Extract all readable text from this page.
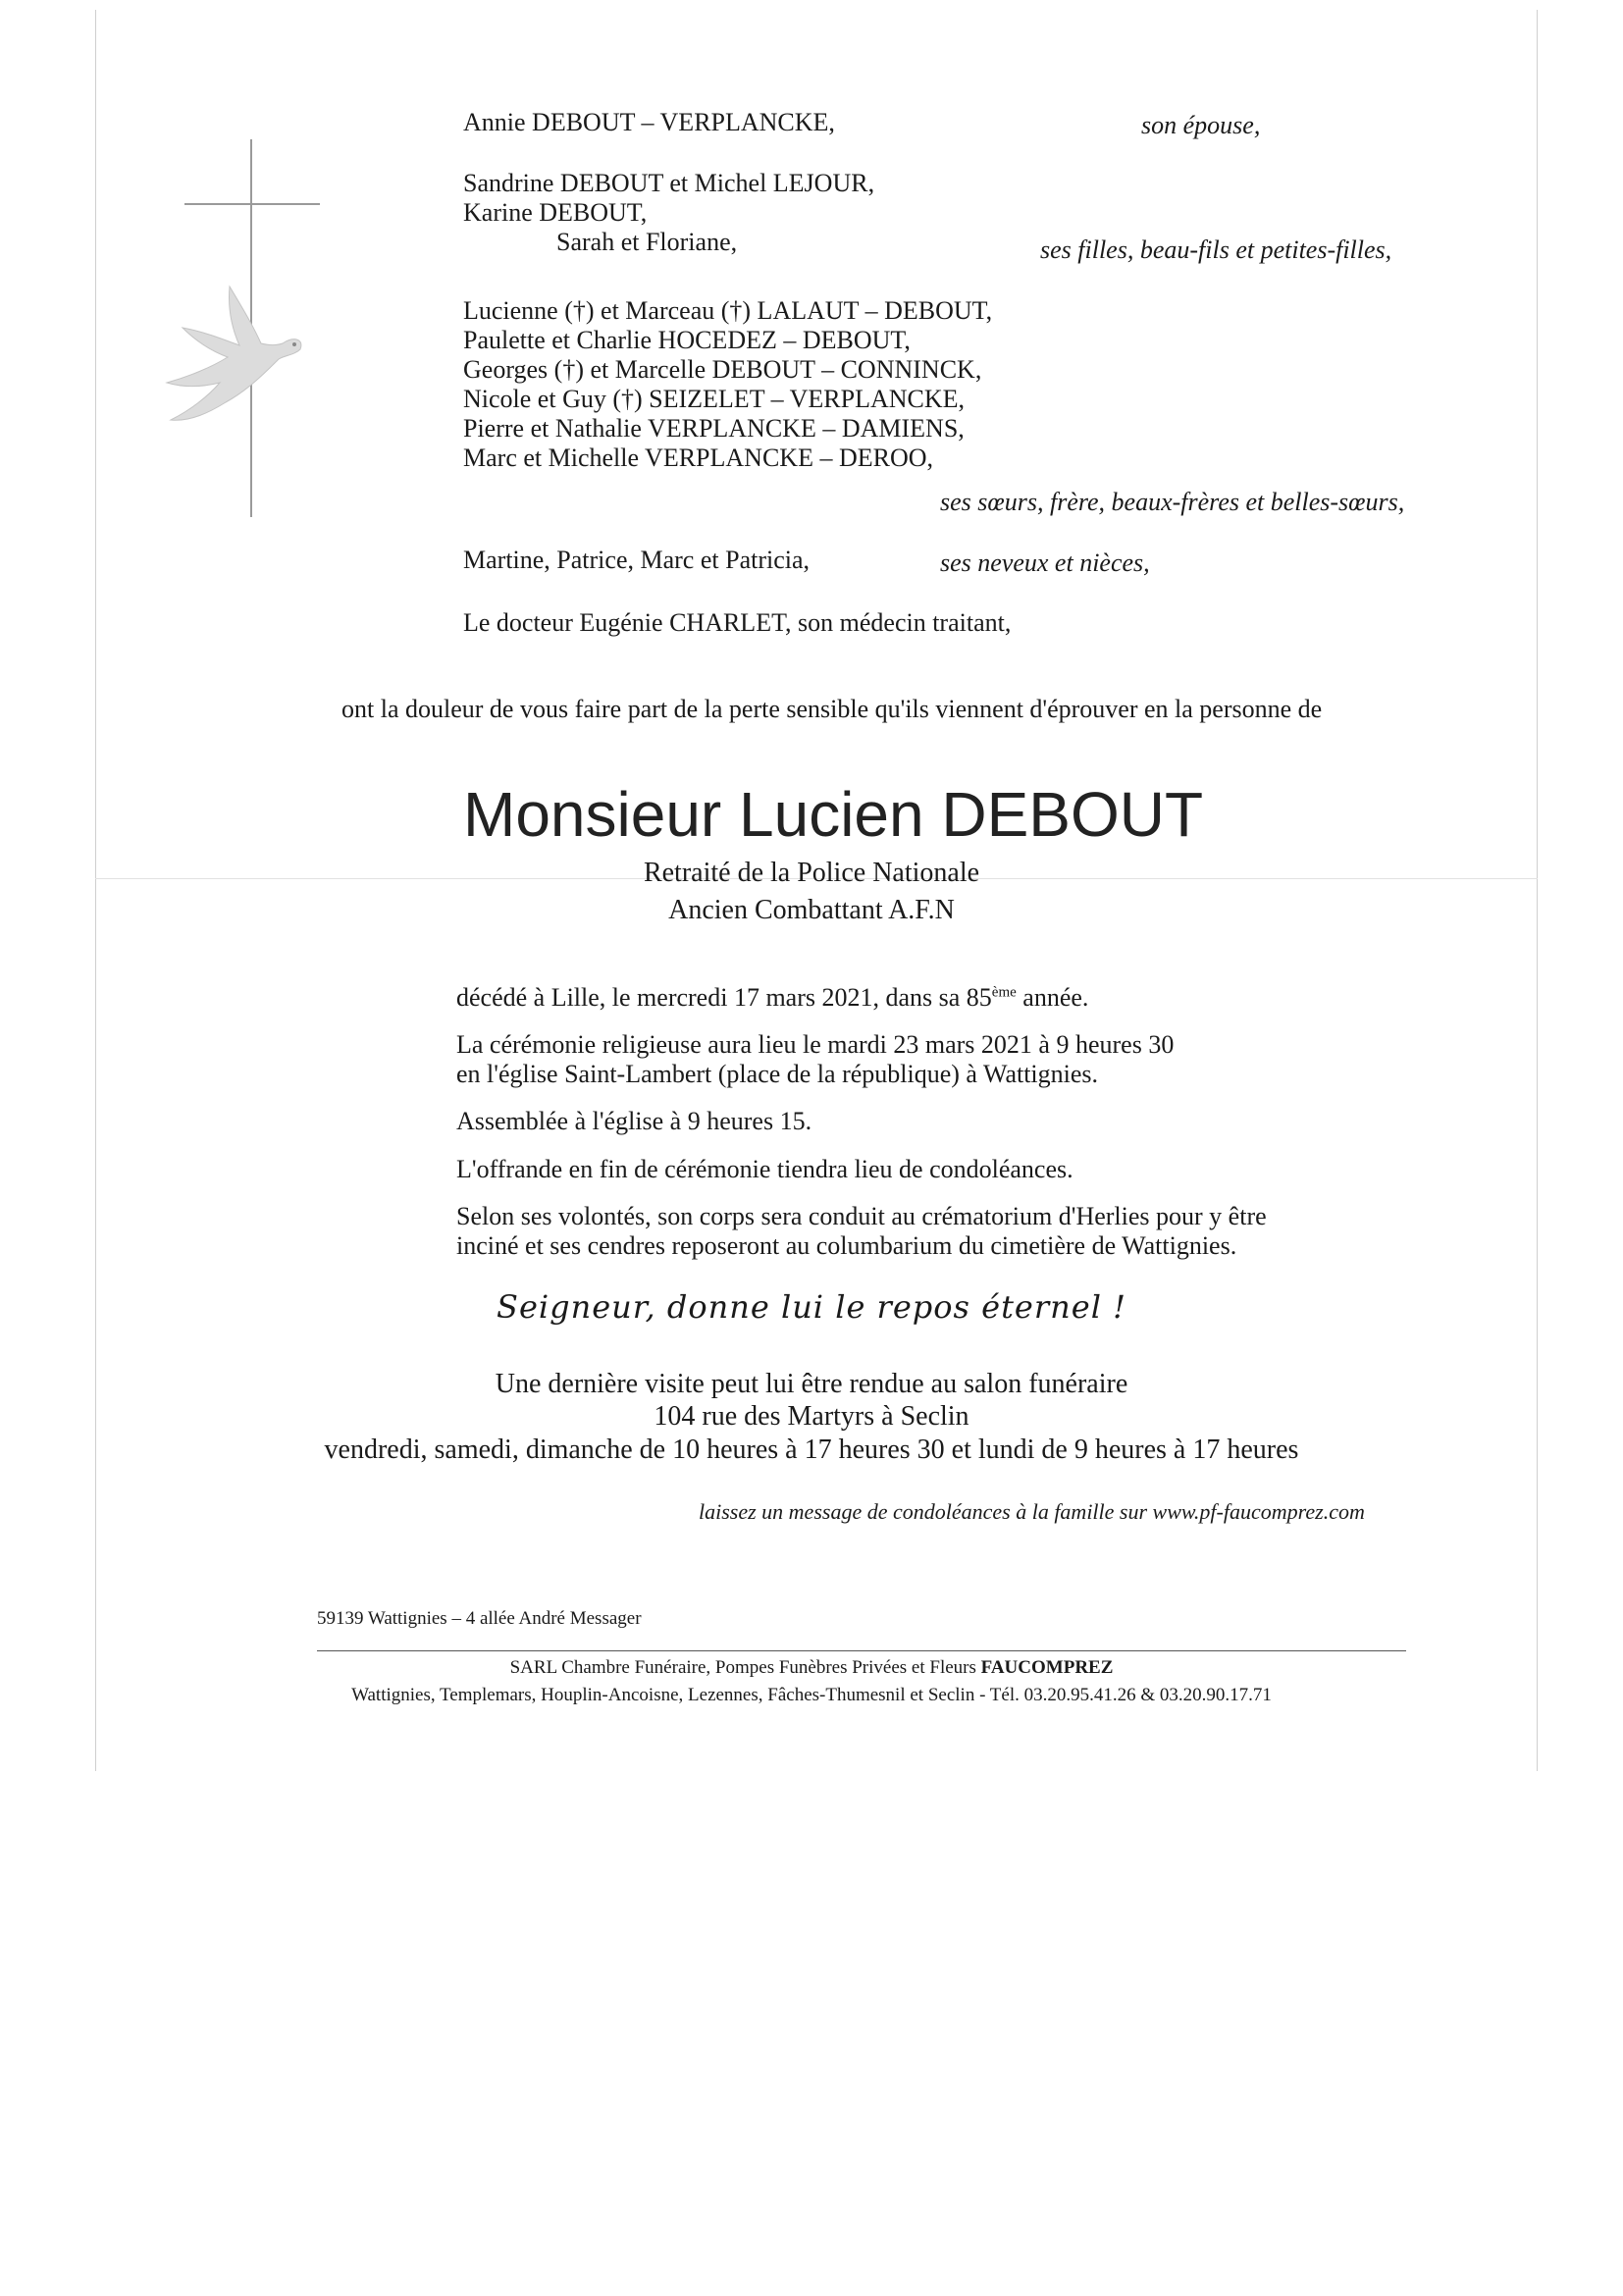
Annie DEBOUT – VERPLANCKE,	son épouse,
Sandrine DEBOUT et Michel LEJOUR,
Karine DEBOUT,
Sarah et Floriane,	ses filles, beau-fils et petites-filles,
Lucienne (†) et Marceau (†) LALAUT – DEBOUT,
Paulette et Charlie HOCEDEZ – DEBOUT,
Georges (†) et Marcelle DEBOUT – CONNINCK,
Nicole et Guy (†) SEIZELET – VERPLANCKE,
Pierre et Nathalie VERPLANCKE – DAMIENS,
Marc et Michelle VERPLANCKE – DEROO,
ses sœurs, frère, beaux-frères et belles-sœurs,
Martine, Patrice, Marc et Patricia,	ses neveux et nièces,
Le docteur Eugénie CHARLET, son médecin traitant,
ont la douleur de vous faire part de la perte sensible qu'ils viennent d'éprouver en la personne de
Monsieur Lucien DEBOUT
Retraité de la Police Nationale
Ancien Combattant A.F.N
décédé à Lille, le mercredi 17 mars 2021, dans sa 85ème année.
La cérémonie religieuse aura lieu le mardi 23 mars 2021 à 9 heures 30
en l'église Saint-Lambert (place de la république) à Wattignies.
Assemblée à l'église à 9 heures 15.
L'offrande en fin de cérémonie tiendra lieu de condoléances.
Selon ses volontés, son corps sera conduit au crématorium d'Herlies pour y être
inciné et ses cendres reposeront au columbarium du cimetière de Wattignies.
Seigneur, donne lui le repos éternel !
Une dernière visite peut lui être rendue au salon funéraire
104 rue des Martyrs à Seclin
vendredi, samedi, dimanche de 10 heures à 17 heures 30 et lundi de 9 heures à 17 heures
laissez un message de condoléances à la famille sur www.pf-faucomprez.com
59139 Wattignies – 4 allée André Messager
SARL Chambre Funéraire, Pompes Funèbres Privées et Fleurs FAUCOMPREZ
Wattignies, Templemars, Houplin-Ancoisne, Lezennes, Fâches-Thumesnil et Seclin - Tél. 03.20.95.41.26 & 03.20.90.17.71
